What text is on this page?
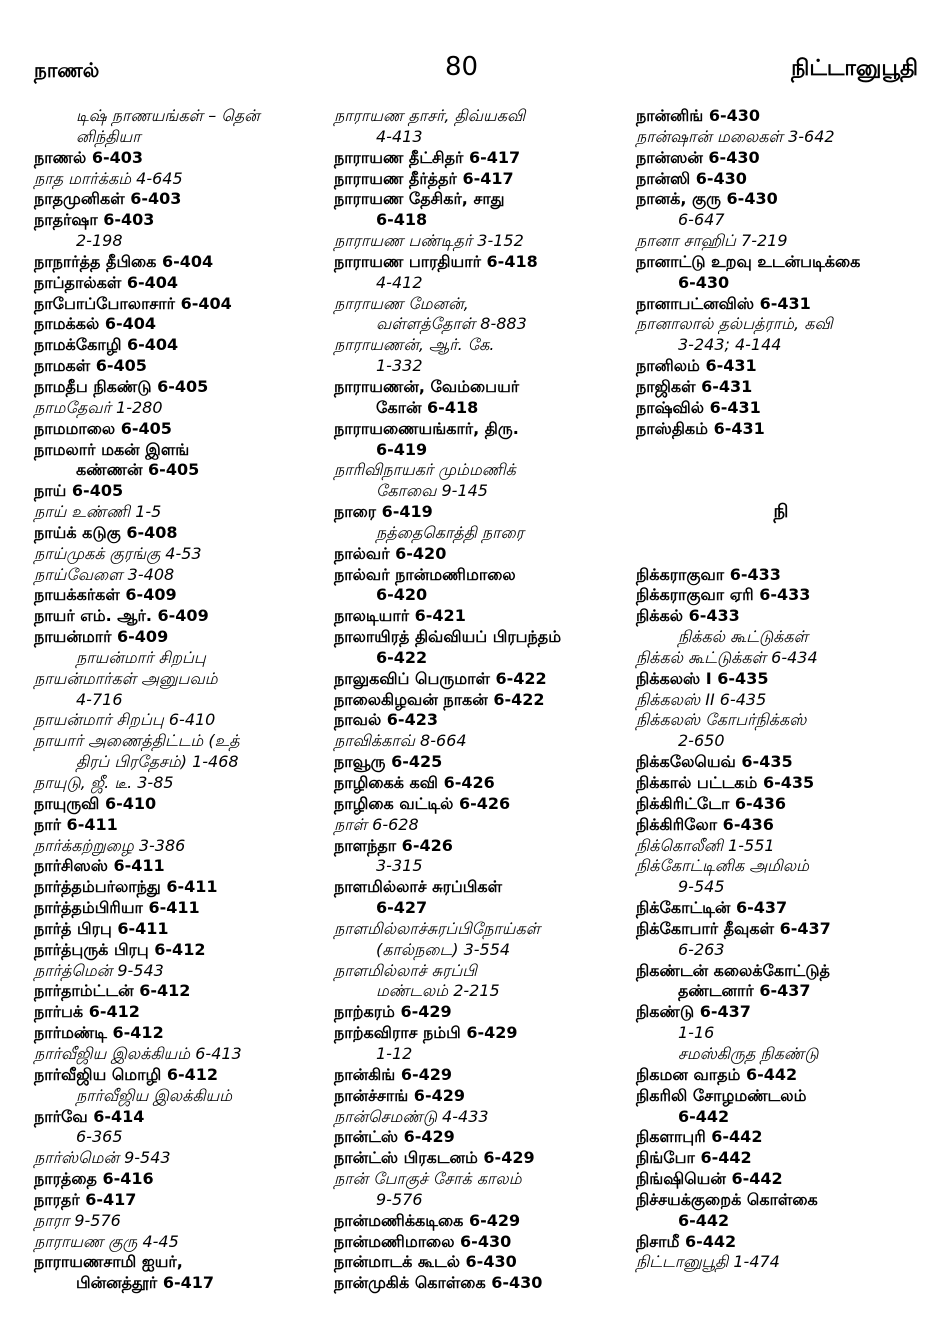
நாணல்	80	நிட்டானுபூதி
டிஷ் நாணயங்கள் – தென்
னிந்தியா
நாணல் 6-403
நாத மார்க்கம் 4-645
நாதமுனிகள் 6-403
நாதர்ஷா 6-403
2-198
நாநார்த்த தீபிகை 6-404
நாப்தால்கள் 6-404
நாபோப்போலாசார் 6-404
நாமக்கல் 6-404
நாமக்கோழி 6-404
நாமகள் 6-405
நாமதீப நிகண்டு 6-405
நாமதேவர் 1-280
நாமமாலை 6-405
நாமலார் மகன் இளங்
கண்ணன் 6-405
நாய் 6-405
நாய் உண்ணி 1-5
நாய்க் கடுகு 6-408
நாய்முகக் குரங்கு 4-53
நாய்வேளை 3-408
நாயக்கர்கள் 6-409
நாயர் எம். ஆர். 6-409
நாயன்மார் 6-409
நாயன்மார் சிறப்பு
நாயன்மார்கள் அனுபவம்
4-716
நாயன்மார் சிறப்பு 6-410
நாயார் அணைத்திட்டம் (உத்
திரப் பிரதேசம்) 1-468
நாயுடு, ஜீ. டீ. 3-85
நாயுருவி 6-410
நார் 6-411
நார்க்கற்றுழை 3-386
நார்சிஸஸ் 6-411
நார்த்தம்பர்லாந்து 6-411
நார்த்தம்பிரியா 6-411
நார்த் பிரபு 6-411
நார்த்புருக் பிரபு 6-412
நார்த்மென் 9-543
நார்தாம்ட்டன் 6-412
நார்பக் 6-412
நார்மண்டி 6-412
நார்வீஜிய இலக்கியம் 6-413
நார்வீஜிய மொழி 6-412
நார்வீஜிய இலக்கியம்
நார்வே 6-414
6-365
நார்ஸ்மென் 9-543
நாரத்தை 6-416
நாரதர் 6-417
நாரா 9-576
நாராயண குரு 4-45
நாராயணசாமி ஐயர்,
பின்னத்தூர் 6-417
நாராயண தாசர், திவ்யகவி
4-413
நாராயண தீட்சிதர் 6-417
நாராயண தீர்த்தர் 6-417
நாராயண தேசிகர், சாது
6-418
நாராயண பண்டிதர் 3-152
நாராயண பாரதியார் 6-418
4-412
நாராயண மேனன்,
வள்ளத்தோள் 8-883
நாராயணன், ஆர். கே.
1-332
நாராயணன், வேம்பையர்
கோன் 6-418
நாராயணையங்கார், திரு.
6-419
நாரிவிநாயகர் மும்மணிக்
கோவை 9-145
நாரை 6-419
நத்தைகொத்தி நாரை
நால்வர் 6-420
நால்வர் நான்மணிமாலை
6-420
நாலடியார் 6-421
நாலாயிரத் திவ்வியப் பிரபந்தம்
6-422
நாலுகவிப் பெருமாள் 6-422
நாலைகிழவன் நாகன் 6-422
நாவல் 6-423
நாவிக்காவ் 8-664
நாவூரு 6-425
நாழிகைக் கவி 6-426
நாழிகை வட்டில் 6-426
நாள் 6-628
நாளந்தா 6-426
3-315
நாளமில்லாச் சுரப்பிகள்
6-427
நாளமில்லாச்சுரப்பிநோய்கள்
(கால்நடை) 3-554
நாளமில்லாச் சுரப்பி
மண்டலம் 2-215
நாற்கரம் 6-429
நாற்கவிராச நம்பி 6-429
1-12
நான்கிங் 6-429
நான்ச்சாங் 6-429
நான்செமண்டு 4-433
நான்ட்ஸ் 6-429
நான்ட்ஸ் பிரகடனம் 6-429
நான் போகுச் சோக் காலம்
9-576
நான்மணிக்கடிகை 6-429
நான்மணிமாலை 6-430
நான்மாடக் கூடல் 6-430
நான்முகிக் கொள்கை 6-430
நான்னிங் 6-430
நான்ஷான் மலைகள் 3-642
நான்ஸன் 6-430
நான்ஸி 6-430
நானக், குரு 6-430
6-647
நானா சாஹிப் 7-219
நானாட்டு உறவு உடன்படிக்கை
6-430
நானாபட்னவிஸ் 6-431
நானாலால் தல்பத்ராம், கவி
3-243; 4-144
நானிலம் 6-431
நாஜிகள் 6-431
நாஷ்வில் 6-431
நாஸ்திகம் 6-431
நி
நிக்கராகுவா 6-433
நிக்கராகுவா ஏரி 6-433
நிக்கல் 6-433
நிக்கல் கூட்டுக்கள்
நிக்கல் கூட்டுக்கள் 6-434
நிக்கலஸ் I 6-435
நிக்கலஸ் II 6-435
நிக்கலஸ் கோபர்நிக்கஸ்
2-650
நிக்கலேயெவ் 6-435
நிக்கால் பட்டகம் 6-435
நிக்கிரிட்டோ 6-436
நிக்கிரிலோ 6-436
நிக்கொலீனி 1-551
நிக்கோட்டினிக அமிலம்
9-545
நிக்கோட்டின் 6-437
நிக்கோபார் தீவுகள் 6-437
6-263
நிகண்டன் கலைக்கோட்டுத்
தண்டனார் 6-437
நிகண்டு 6-437
1-16
சமஸ்கிருத நிகண்டு
நிகமன வாதம் 6-442
நிகரிலி சோழமண்டலம்
6-442
நிகளாபுரி 6-442
நிங்போ 6-442
நிங்ஷியென் 6-442
நிச்சயக்குறைக் கொள்கை
6-442
நிசாமீ 6-442
நிட்டானுபூதி 1-474
